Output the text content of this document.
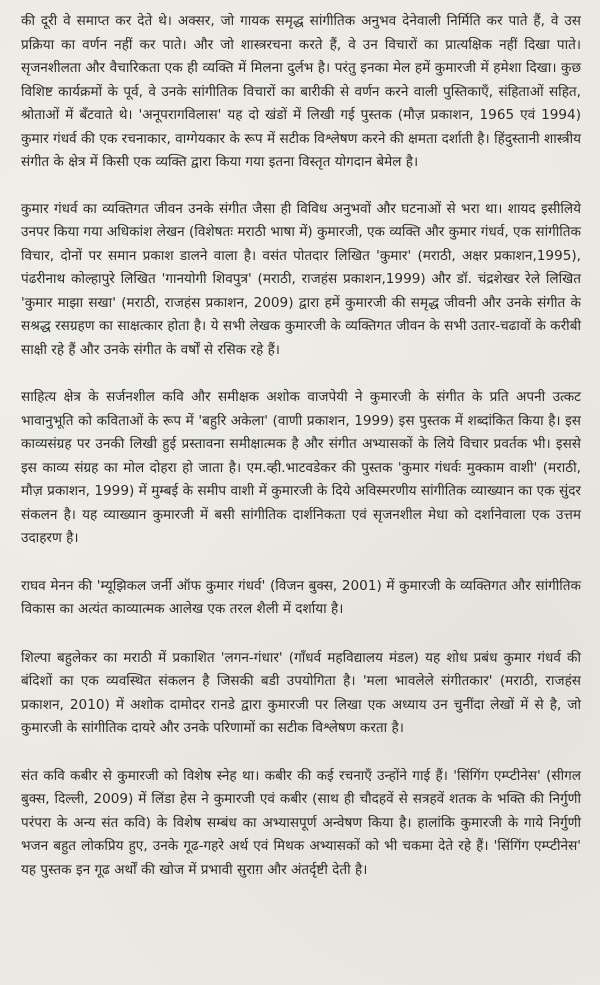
की दूरी वे समाप्त कर देते थे। अक्सर, जो गायक समृद्ध सांगीतिक अनुभव देनेवाली निर्मिति कर पाते हैं, वे उस प्रक्रिया का वर्णन नहीं कर पाते। और जो शास्त्ररचना करते हैं, वे उन विचारों का प्रात्यक्षिक नहीं दिखा पाते। सृजनशीलता और वैचारिकता एक ही व्यक्ति में मिलना दुर्लभ है। परंतु इनका मेल हमें कुमारजी में हमेशा दिखा। कुछ विशिष्ट कार्यक्रमों के पूर्व, वे उनके सांगीतिक विचारों का बारीकी से वर्णन करने वाली पुस्तिकाएँ, संहिताओं सहित, श्रोताओं में बँटवाते थे। 'अनूपरागविलास' यह दो खंडों में लिखी गई पुस्तक (मौज़ प्रकाशन, 1965 एवं 1994) कुमार गंधर्व की एक रचनाकार, वाग्गेयकार के रूप में सटीक विश्लेषण करने की क्षमता दर्शाती है। हिंदुस्तानी शास्त्रीय संगीत के क्षेत्र में किसी एक व्यक्ति द्वारा किया गया इतना विस्तृत योगदान बेमेल है।

कुमार गंधर्व का व्यक्तिगत जीवन उनके संगीत जैसा ही विविध अनुभवों और घटनाओं से भरा था। शायद इसीलिये उनपर किया गया अधिकांश लेखन (विशेषतः मराठी भाषा में) कुमारजी, एक व्यक्ति और कुमार गंधर्व, एक सांगीतिक विचार, दोनों पर समान प्रकाश डालने वाला है। वसंत पोतदार लिखित 'कुमार' (मराठी, अक्षर प्रकाशन,1995), पंढरीनाथ कोल्हापुरे लिखित 'गानयोगी शिवपुत्र' (मराठी, राजहंस प्रकाशन,1999) और डॉ. चंद्रशेखर रेले लिखित 'कुमार माझा सखा' (मराठी, राजहंस प्रकाशन, 2009) द्वारा हमें कुमारजी की समृद्ध जीवनी और उनके संगीत के सश्रद्ध रसग्रहण का साक्षत्कार होता है। ये सभी लेखक कुमारजी के व्यक्तिगत जीवन के सभी उतार-चढावों के करीबी साक्षी रहे हैं और उनके संगीत के वर्षों से रसिक रहे हैं।

साहित्य क्षेत्र के सर्जनशील कवि और समीक्षक अशोक वाजपेयी ने कुमारजी के संगीत के प्रति अपनी उत्कट भावानुभूति को कविताओं के रूप में 'बहुरि अकेला' (वाणी प्रकाशन, 1999) इस पुस्तक में शब्दांकित किया है। इस काव्यसंग्रह पर उनकी लिखी हुई प्रस्तावना समीक्षात्मक है और संगीत अभ्यासकों के लिये विचार प्रवर्तक भी। इससे इस काव्य संग्रह का मोल दोहरा हो जाता है। एम.व्ही.भाटवडेकर की पुस्तक 'कुमार गंधर्वः मुक्काम वाशी' (मराठी, मौज़ प्रकाशन, 1999) में मुम्बई के समीप वाशी में कुमारजी के दिये अविस्मरणीय सांगीतिक व्याख्यान का एक सुंदर संकलन है। यह व्याख्यान कुमारजी में बसी सांगीतिक दार्शनिकता एवं सृजनशील मेधा को दर्शानेवाला एक उत्तम उदाहरण है।

राघव मेनन की 'म्यूझिकल जर्नी ऑफ कुमार गंधर्व' (विजन बुक्स, 2001) में कुमारजी के व्यक्तिगत और सांगीतिक विकास का अत्यंत काव्यात्मक आलेख एक तरल शैली में दर्शाया है।

शिल्पा बहुलेकर का मराठी में प्रकाशित 'लगन-गंधार' (गाँधर्व महविद्यालय मंडल) यह शोध प्रबंध कुमार गंधर्व की बंदिशों का एक व्यवस्थित संकलन है जिसकी बडी उपयोगिता है। 'मला भावलेले संगीतकार' (मराठी, राजहंस प्रकाशन, 2010) में अशोक दामोदर रानडे द्वारा कुमारजी पर लिखा एक अध्याय उन चुनींदा लेखों में से है, जो कुमारजी के सांगीतिक दायरे और उनके परिणामों का सटीक विश्लेषण करता है।

संत कवि कबीर से कुमारजी को विशेष स्नेह था। कबीर की कई रचनाएँ उन्होंने गाई हैं। 'सिंगिंग एम्प्टीनेस' (सीगल बुक्स, दिल्ली, 2009) में लिंडा हेस ने कुमारजी एवं कबीर (साथ ही चौदहवें से सत्रहवें शतक के भक्ति की निर्गुणी परंपरा के अन्य संत कवि) के विशेष सम्बंध का अभ्यासपूर्ण अन्वेषण किया है। हालांकि कुमारजी के गाये निर्गुणी भजन बहुत लोकप्रिय हुए, उनके गूढ-गहरे अर्थ एवं मिथक अभ्यासकों को भी चकमा देते रहे हैं। 'सिंगिंग एम्प्टीनेस' यह पुस्तक इन गूढ अर्थों की खोज में प्रभावी सुराग़ और अंतर्दृष्टी देती है।
